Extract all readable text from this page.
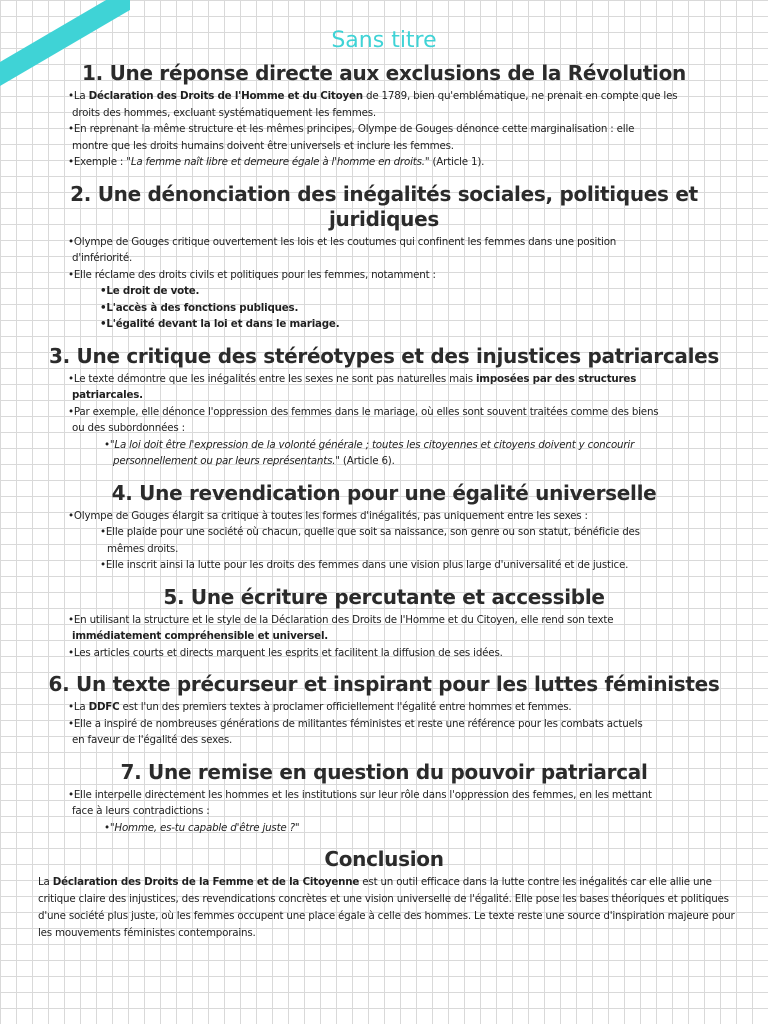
Sans titre
1. Une réponse directe aux exclusions de la Révolution

•La Déclaration des Droits de l'Homme et du Citoyen de 1789, bien qu'emblématique, ne prenait en compte que les
droits des hommes, excluant systématiquement les femmes.

•En reprenant la même structure et les mêmes principes, Olympe de Gouges dénonce cette marginalisation : elle
montre que les droits humains doivent être universels et inclure les femmes.

•Exemple : "La femme naît libre et demeure égale à l'homme en droits." (Article 1).

2. Une dénonciation des inégalités sociales, politiques et juridiques

•Olympe de Gouges critique ouvertement les lois et les coutumes qui confinent les femmes dans une position
d'infériorité.

•Elle réclame des droits civils et politiques pour les femmes, notamment :

•Le droit de vote.

•L'accès à des fonctions publiques.

•L'égalité devant la loi et dans le mariage.

3. Une critique des stéréotypes et des injustices patriarcales

•Le texte démontre que les inégalités entre les sexes ne sont pas naturelles mais imposées par des structures
patriarcales.

•Par exemple, elle dénonce l'oppression des femmes dans le mariage, où elles sont souvent traitées comme des biens
ou des subordonnées :

•"La loi doit être l'expression de la volonté générale ; toutes les citoyennes et citoyens doivent y concourir
personnellement ou par leurs représentants." (Article 6).

4. Une revendication pour une égalité universelle

•Olympe de Gouges élargit sa critique à toutes les formes d'inégalités, pas uniquement entre les sexes :

•Elle plaide pour une société où chacun, quelle que soit sa naissance, son genre ou son statut, bénéficie des
mêmes droits.

•Elle inscrit ainsi la lutte pour les droits des femmes dans une vision plus large d'universalité et de justice.

5. Une écriture percutante et accessible

•En utilisant la structure et le style de la Déclaration des Droits de l'Homme et du Citoyen, elle rend son texte
immédiatement compréhensible et universel.

•Les articles courts et directs marquent les esprits et facilitent la diffusion de ses idées.

6. Un texte précurseur et inspirant pour les luttes féministes

•La DDFC est l'un des premiers textes à proclamer officiellement l'égalité entre hommes et femmes.

•Elle a inspiré de nombreuses générations de militantes féministes et reste une référence pour les combats actuels
en faveur de l'égalité des sexes.

7. Une remise en question du pouvoir patriarcal

•Elle interpelle directement les hommes et les institutions sur leur rôle dans l'oppression des femmes, en les mettant
face à leurs contradictions :

•"Homme, es-tu capable d'être juste ?"

Conclusion

La Déclaration des Droits de la Femme et de la Citoyenne est un outil efficace dans la lutte contre les inégalités car elle allie une critique claire des injustices, des revendications concrètes et une vision universelle de l'égalité. Elle pose les bases théoriques et politiques d'une société plus juste, où les femmes occupent une place égale à celle des hommes. Le texte reste une source d'inspiration majeure pour les mouvements féministes contemporains.
